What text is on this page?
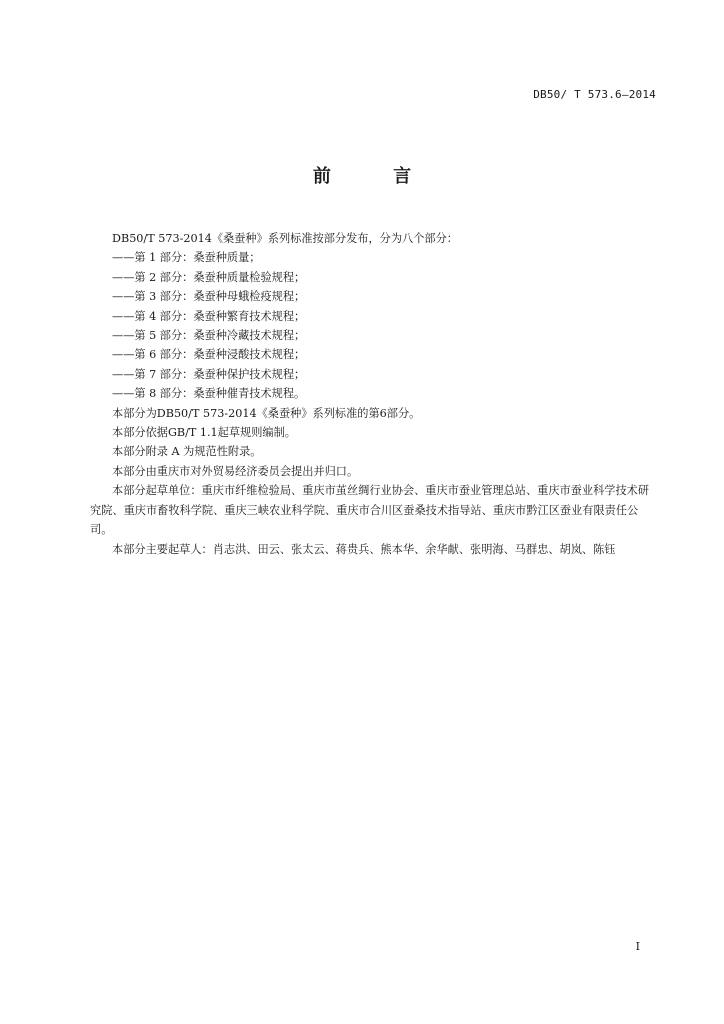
DB50/ T 573.6—2014
前 言

DB50/T 573-2014《桑蚕种》系列标准按部分发布，分为八个部分：

——第 1 部分：桑蚕种质量；
——第 2 部分：桑蚕种质量检验规程；
——第 3 部分：桑蚕种母蛾检疫规程；
——第 4 部分：桑蚕种繁育技术规程；
——第 5 部分：桑蚕种冷藏技术规程；
——第 6 部分：桑蚕种浸酸技术规程；
——第 7 部分：桑蚕种保护技术规程；
——第 8 部分：桑蚕种催青技术规程。

本部分为DB50/T 573-2014《桑蚕种》系列标准的第6部分。

本部分依据GB/T 1.1起草规则编制。

本部分附录 A 为规范性附录。

本部分由重庆市对外贸易经济委员会提出并归口。

本部分起草单位：重庆市纤维检验局、重庆市茧丝绸行业协会、重庆市蚕业管理总站、重庆市蚕业科学技术研究院、重庆市畜牧科学院、重庆三峡农业科学院、重庆市合川区蚕桑技术指导站、重庆市黔江区蚕业有限责任公司。

本部分主要起草人：肖志洪、田云、张太云、蒋贵兵、熊本华、余华献、张明海、马群忠、胡岚、陈钰

I
